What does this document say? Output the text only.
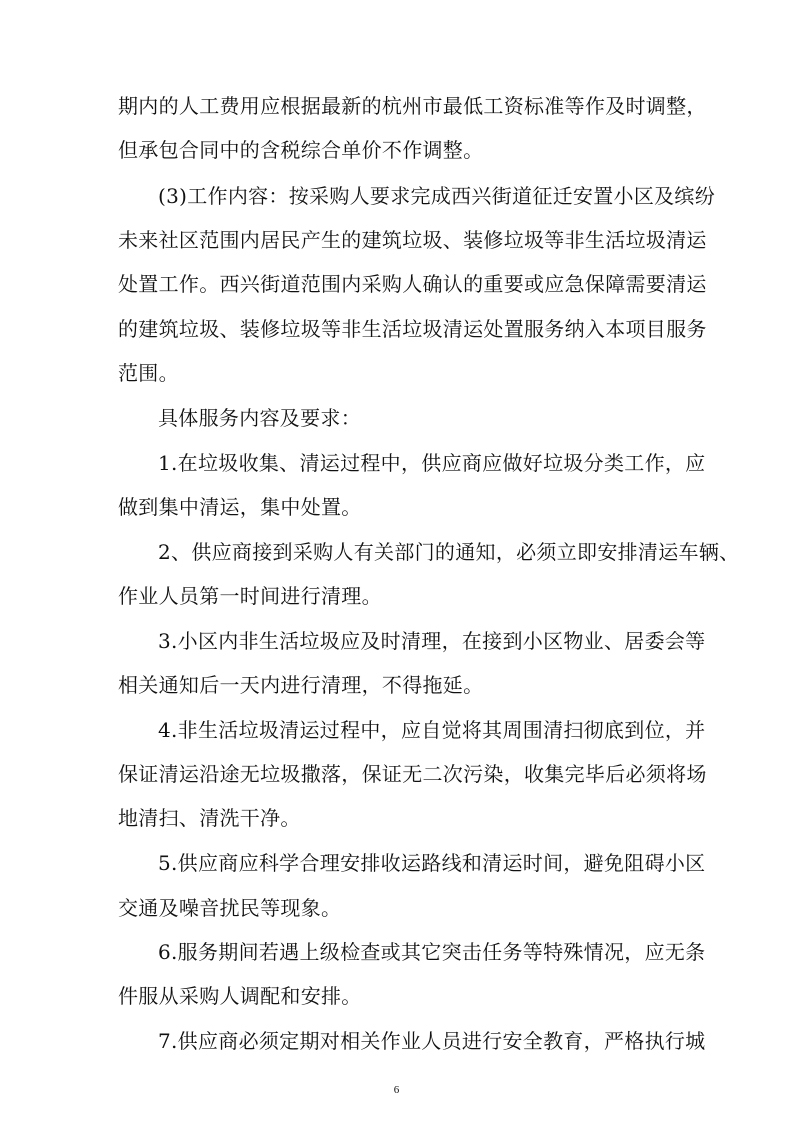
期内的人工费用应根据最新的杭州市最低工资标准等作及时调整，
但承包合同中的含税综合单价不作调整。
(3)工作内容：按采购人要求完成西兴街道征迁安置小区及缤纷
未来社区范围内居民产生的建筑垃圾、装修垃圾等非生活垃圾清运
处置工作。西兴街道范围内采购人确认的重要或应急保障需要清运
的建筑垃圾、装修垃圾等非生活垃圾清运处置服务纳入本项目服务
范围。
具体服务内容及要求：
1.在垃圾收集、清运过程中，供应商应做好垃圾分类工作，应
做到集中清运，集中处置。
2、供应商接到采购人有关部门的通知，必须立即安排清运车辆、
作业人员第一时间进行清理。
3.小区内非生活垃圾应及时清理，在接到小区物业、居委会等
相关通知后一天内进行清理，不得拖延。
4.非生活垃圾清运过程中，应自觉将其周围清扫彻底到位，并
保证清运沿途无垃圾撒落，保证无二次污染，收集完毕后必须将场
地清扫、清洗干净。
5.供应商应科学合理安排收运路线和清运时间，避免阻碍小区
交通及噪音扰民等现象。
6.服务期间若遇上级检查或其它突击任务等特殊情况，应无条
件服从采购人调配和安排。
7.供应商必须定期对相关作业人员进行安全教育，严格执行城
6
